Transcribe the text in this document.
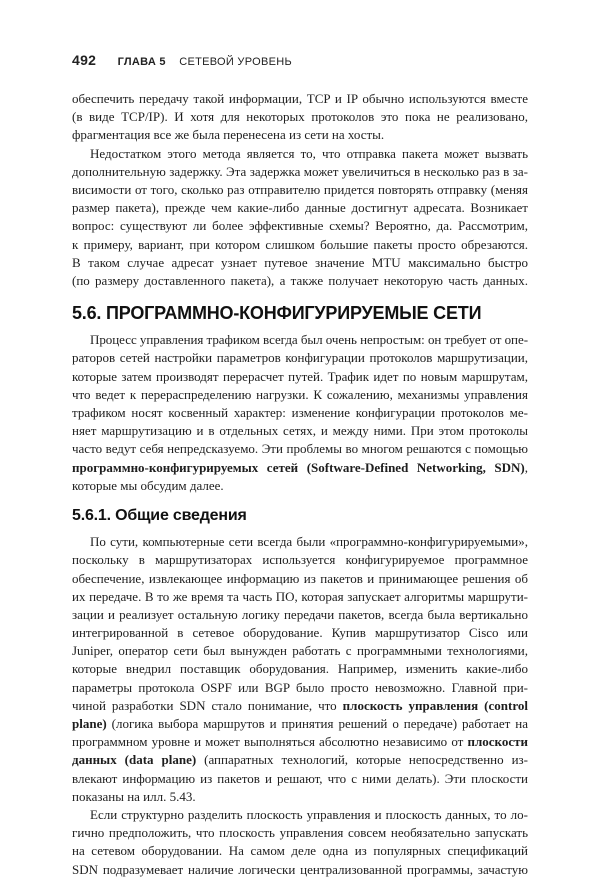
492 ГЛАВА 5 СЕТЕВОЙ УРОВЕНЬ
обеспечить передачу такой информации, TCP и IP обычно используются вместе
(в виде TCP/IP). И хотя для некоторых протоколов это пока не реализовано,
фрагментация все же была перенесена из сети на хосты.
Недостатком этого метода является то, что отправка пакета может вызвать
дополнительную задержку. Эта задержка может увеличиться в несколько раз в за-
висимости от того, сколько раз отправителю придется повторять отправку (меняя
размер пакета), прежде чем какие-либо данные достигнут адресата. Возникает
вопрос: существуют ли более эффективные схемы? Вероятно, да. Рассмотрим,
к примеру, вариант, при котором слишком большие пакеты просто обрезаются.
В таком случае адресат узнает путевое значение MTU максимально быстро
(по размеру доставленного пакета), а также получает некоторую часть данных.
5.6. ПРОГРАММНО-КОНФИГУРИРУЕМЫЕ СЕТИ
Процесс управления трафиком всегда был очень непростым: он требует от опе-
раторов сетей настройки параметров конфигурации протоколов маршрутизации,
которые затем производят перерасчет путей. Трафик идет по новым маршрутам,
что ведет к перераспределению нагрузки. К сожалению, механизмы управления
трафиком носят косвенный характер: изменение конфигурации протоколов ме-
няет маршрутизацию и в отдельных сетях, и между ними. При этом протоколы
часто ведут себя непредсказуемо. Эти проблемы во многом решаются с помощью
программно-конфигурируемых сетей (Software-Defined Networking, SDN),
которые мы обсудим далее.
5.6.1. Общие сведения
По сути, компьютерные сети всегда были «программно-конфигурируемыми»,
поскольку в маршрутизаторах используется конфигурируемое программное
обеспечение, извлекающее информацию из пакетов и принимающее решения об
их передаче. В то же время та часть ПО, которая запускает алгоритмы маршрути-
зации и реализует остальную логику передачи пакетов, всегда была вертикально
интегрированной в сетевое оборудование. Купив маршрутизатор Cisco или
Juniper, оператор сети был вынужден работать с программными технологиями,
которые внедрил поставщик оборудования. Например, изменить какие-либо
параметры протокола OSPF или BGP было просто невозможно. Главной при-
чиной разработки SDN стало понимание, что плоскость управления (control
plane) (логика выбора маршрутов и принятия решений о передаче) работает на
программном уровне и может выполняться абсолютно независимо от плоскости
данных (data plane) (аппаратных технологий, которые непосредственно из-
влекают информацию из пакетов и решают, что с ними делать). Эти плоскости
показаны на илл. 5.43.
Если структурно разделить плоскость управления и плоскость данных, то ло-
гично предположить, что плоскость управления совсем необязательно запускать
на сетевом оборудовании. На самом деле одна из популярных спецификаций
SDN подразумевает наличие логически централизованной программы, зачастую
